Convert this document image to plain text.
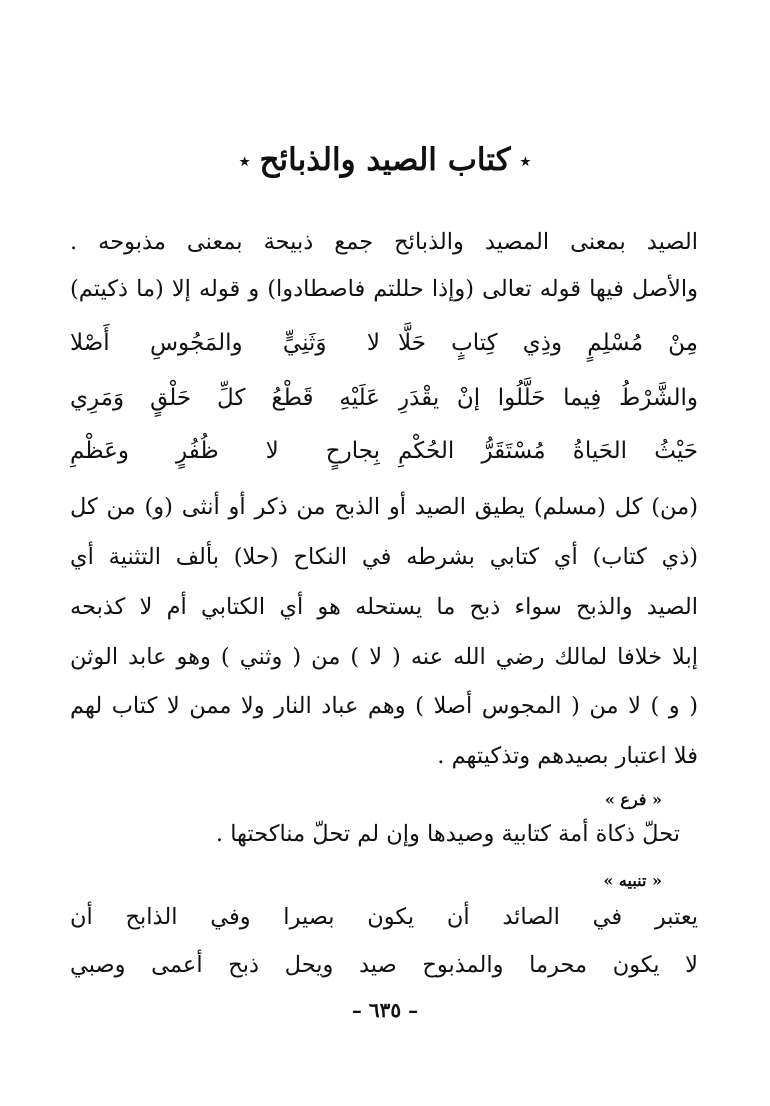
٭كتاب الصيد والذبائح٭
الصيد بمعنى المصيد والذبائح جمع ذبيحة بمعنى مذبوحه .
والأصل فيها قوله تعالى (وإذا حللتم فاصطادوا) و قوله إلا (ما ذكيتم)
مِنْ مُسْلِمٍ وذِي كِتابٍ حَلَّا
لا وَثَنِيٍّ والمَجُوسِ أَصْلا
والشَّرْطُ فِيما حَلَّلُوا إنْ يقْدَرِ
عَلَيْهِ قَطْعُ كلِّ حَلْقٍ وَمَرِي
حَيْثُ الحَياةُ مُسْتَقَرُّ الحُكْمِ
بِجارحٍ لا ظُفُرٍ وعَظْمِ
(من) كل (مسلم) يطيق الصيد أو الذبح من ذكر أو أنثى (و) من كل
(ذي كتاب) أي كتابي بشرطه في النكاح (حلا) بألف التثنية أي
الصيد والذبح سواء ذبح ما يستحله هو أي الكتابي أم لا كذبحه
إبلا خلافا لمالك رضي الله عنه ( لا ) من ( وثني ) وهو عابد الوثن
( و ) لا من ( المجوس أصلا ) وهم عباد النار ولا ممن لا كتاب لهم
فلا اعتبار بصيدهم وتذكيتهم .
« فرع »
تحلّ ذكاة أمة كتابية وصيدها وإن لم تحلّ مناكحتها .
« تنبيه »
يعتبر في الصائد أن يكون بصيرا وفي الذابح أن
لا يكون محرما والمذبوح صيد ويحل ذبح أعمى وصبي
– ٦٣٥ –
